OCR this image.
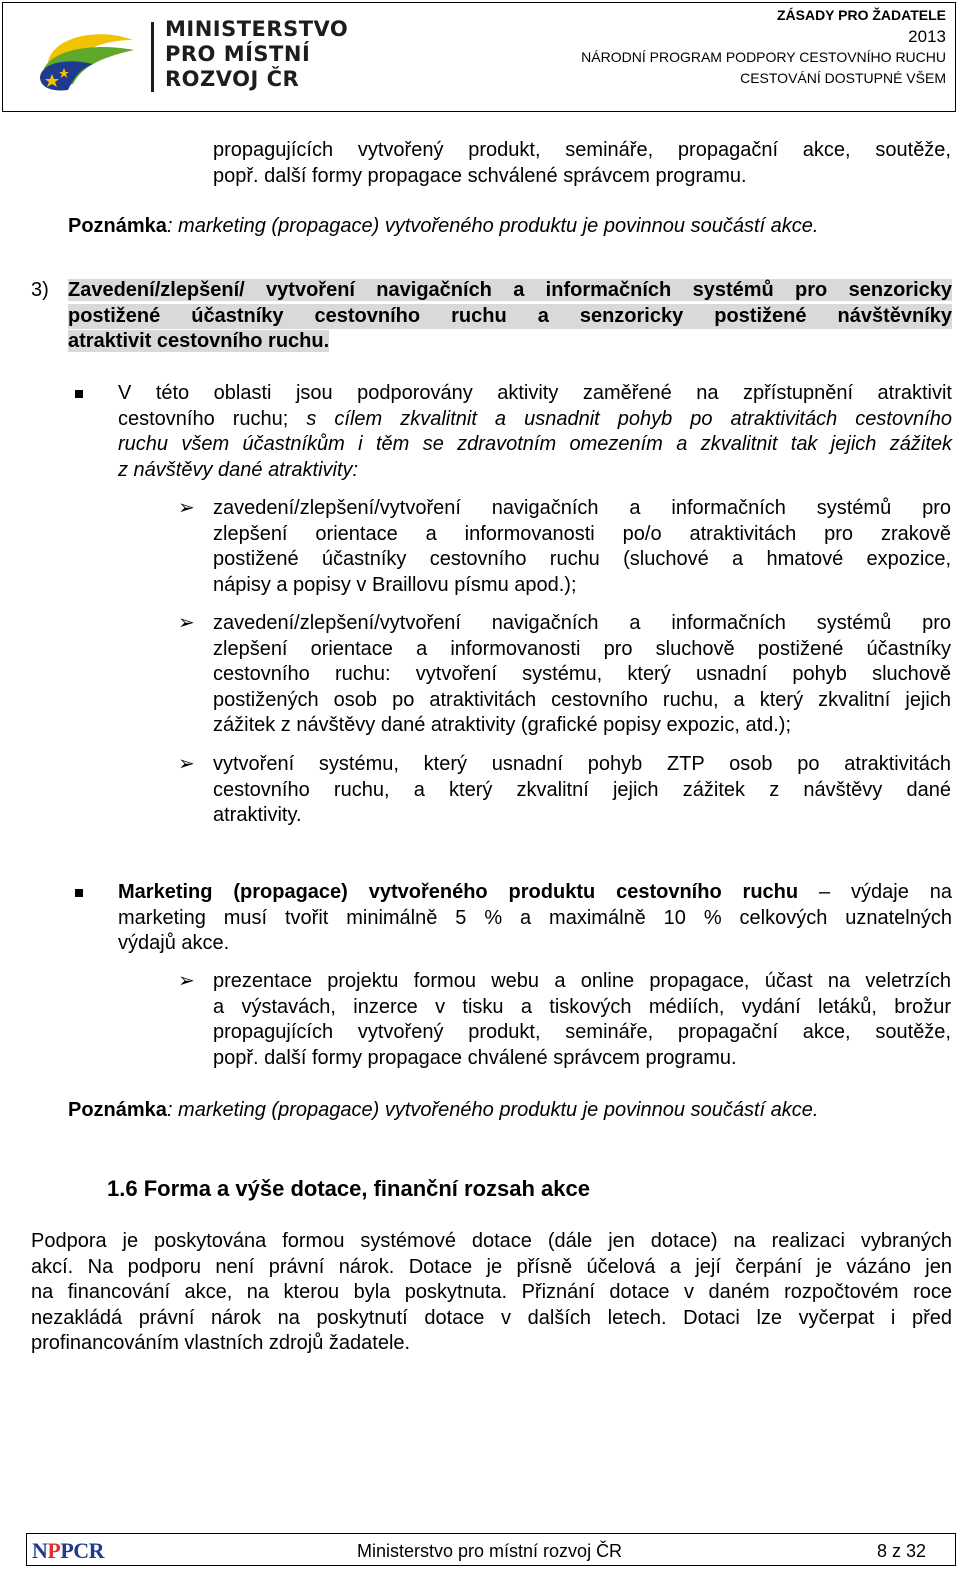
MINISTERSTVO
PRO MÍSTNÍ
ROZVOJ ČR
ZÁSADY PRO ŽADATELE
2013
NÁRODNÍ PROGRAM PODPORY CESTOVNÍHO RUCHU
CESTOVÁNÍ DOSTUPNÉ VŠEM
propagujících vytvořený produkt, semináře, propagační akce, soutěže,
popř. další formy propagace schválené správcem programu.
Poznámka: marketing (propagace) vytvořeného produktu je povinnou součástí akce.
3) Zavedení/zlepšení/ vytvoření navigačních a informačních systémů pro senzoricky
postižené účastníky cestovního ruchu a senzoricky postižené návštěvníky
atraktivit cestovního ruchu.
V této oblasti jsou podporovány aktivity zaměřené na zpřístupnění atraktivit
cestovního ruchu; s cílem zkvalitnit a usnadnit pohyb po atraktivitách cestovního
ruchu všem účastníkům i těm se zdravotním omezením a zkvalitnit tak jejich zážitek
z návštěvy dané atraktivity:
➢ zavedení/zlepšení/vytvoření navigačních a informačních systémů pro
zlepšení orientace a informovanosti po/o atraktivitách pro zrakově
postižené účastníky cestovního ruchu (sluchové a hmatové expozice,
nápisy a popisy v Braillovu písmu apod.);
➢ zavedení/zlepšení/vytvoření navigačních a informačních systémů pro
zlepšení orientace a informovanosti pro sluchově postižené účastníky
cestovního ruchu: vytvoření systému, který usnadní pohyb sluchově
postižených osob po atraktivitách cestovního ruchu, a který zkvalitní jejich
zážitek z návštěvy dané atraktivity (grafické popisy expozic, atd.);
➢ vytvoření systému, který usnadní pohyb ZTP osob po atraktivitách
cestovního ruchu, a který zkvalitní jejich zážitek z návštěvy dané
atraktivity.
Marketing (propagace) vytvořeného produktu cestovního ruchu – výdaje na
marketing musí tvořit minimálně 5 % a maximálně 10 % celkových uznatelných
výdajů akce.
➢ prezentace projektu formou webu a online propagace, účast na veletrzích
a výstavách, inzerce v tisku a tiskových médiích, vydání letáků, brožur
propagujících vytvořený produkt, semináře, propagační akce, soutěže,
popř. další formy propagace chválené správcem programu.
Poznámka: marketing (propagace) vytvořeného produktu je povinnou součástí akce.
1.6 Forma a výše dotace, finanční rozsah akce
Podpora je poskytována formou systémové dotace (dále jen dotace) na realizaci vybraných
akcí. Na podporu není právní nárok. Dotace je přísně účelová a její čerpání je vázáno jen
na financování akce, na kterou byla poskytnuta. Přiznání dotace v daném rozpočtovém roce
nezakládá právní nárok na poskytnutí dotace v dalších letech. Dotaci lze vyčerpat i před
profinancováním vlastních zdrojů žadatele.
NPPCR	Ministerstvo pro místní rozvoj ČR	8 z 32
